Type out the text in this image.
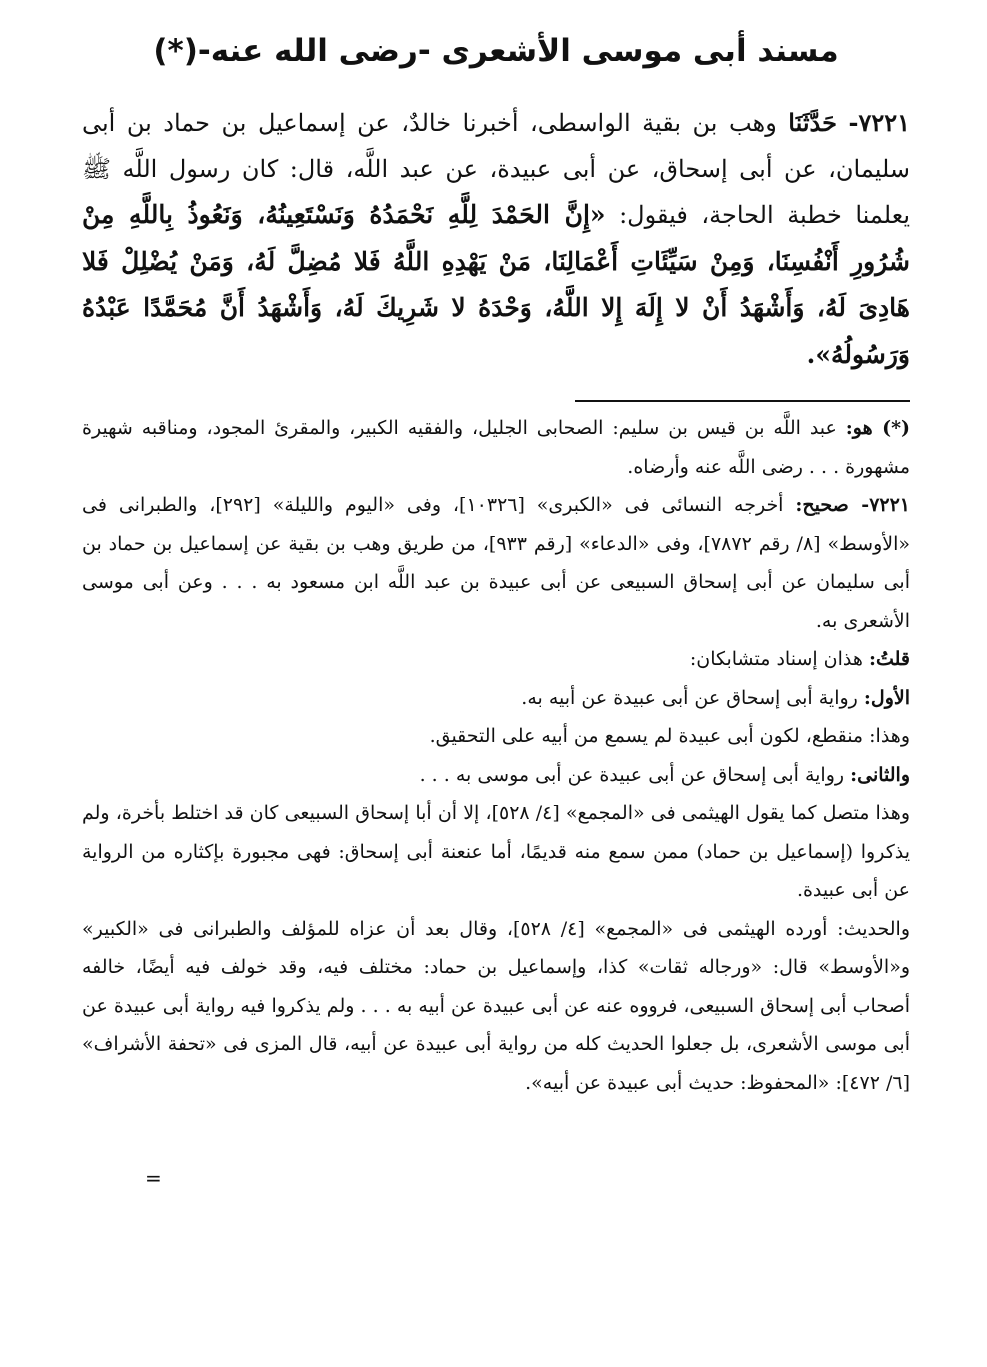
مسند أبى موسى الأشعرى -رضى الله عنه-(*)
٧٢٢١- حَدَّثَنَا وهب بن بقية الواسطى، أخبرنا خالدٌ، عن إسماعيل بن حماد بن أبى سليمان، عن أبى إسحاق، عن أبى عبيدة، عن عبد اللَّه، قال: كان رسول اللَّه ﷺ يعلمنا خطبة الحاجة، فيقول: «إِنَّ الحَمْدَ لِلَّهِ نَحْمَدُهُ وَنَسْتَعِينُهُ، وَنَعُوذُ بِاللَّهِ مِنْ شُرُورِ أَنْفُسِنَا، وَمِنْ سَيِّئَاتِ أَعْمَالِنَا، مَنْ يَهْدِهِ اللَّهُ فَلا مُضِلَّ لَهُ، وَمَنْ يُضْلِلْ فَلا هَادِىَ لَهُ، وَأَشْهَدُ أَنْ لا إِلَهَ إِلا اللَّهُ، وَحْدَهُ لا شَرِيكَ لَهُ، وَأَشْهَدُ أَنَّ مُحَمَّدًا عَبْدُهُ وَرَسُولُهُ».

(*) هو: عبد اللَّه بن قيس بن سليم: الصحابى الجليل، والفقيه الكبير، والمقرئ المجود، ومناقبه شهيرة مشهورة . . . رضى اللَّه عنه وأرضاه.

٧٢٢١- صحيح: أخرجه النسائى فى «الكبرى» [١٠٣٢٦]، وفى «اليوم والليلة» [٢٩٢]، والطبرانى فى «الأوسط» [٨/ رقم ٧٨٧٢]، وفى «الدعاء» [رقم ٩٣٣]، من طريق وهب بن بقية عن إسماعيل بن حماد بن أبى سليمان عن أبى إسحاق السبيعى عن أبى عبيدة بن عبد اللَّه ابن مسعود به . . . وعن أبى موسى الأشعرى به.

قلتُ: هذان إسناد متشابكان:

الأول: رواية أبى إسحاق عن أبى عبيدة عن أبيه به.

وهذا: منقطع، لكون أبى عبيدة لم يسمع من أبيه على التحقيق.

والثانى: رواية أبى إسحاق عن أبى عبيدة عن أبى موسى به . . .

وهذا متصل كما يقول الهيثمى فى «المجمع» [٤/ ٥٢٨]، إلا أن أبا إسحاق السبيعى كان قد اختلط بأخرة، ولم يذكروا (إسماعيل بن حماد) ممن سمع منه قديمًا، أما عنعنة أبى إسحاق: فهى مجبورة بإكثاره من الرواية عن أبى عبيدة.

والحديث: أورده الهيثمى فى «المجمع» [٤/ ٥٢٨]، وقال بعد أن عزاه للمؤلف والطبرانى فى «الكبير» و«الأوسط» قال: «ورجاله ثقات» كذا، وإسماعيل بن حماد: مختلف فيه، وقد خولف فيه أيضًا، خالفه أصحاب أبى إسحاق السبيعى، فرووه عنه عن أبى عبيدة عن أبيه به . . . ولم يذكروا فيه رواية أبى عبيدة عن أبى موسى الأشعرى، بل جعلوا الحديث كله من رواية أبى عبيدة عن أبيه، قال المزى فى «تحفة الأشراف» [٦/ ٤٧٢]: «المحفوظ: حديث أبى عبيدة عن أبيه».

=
